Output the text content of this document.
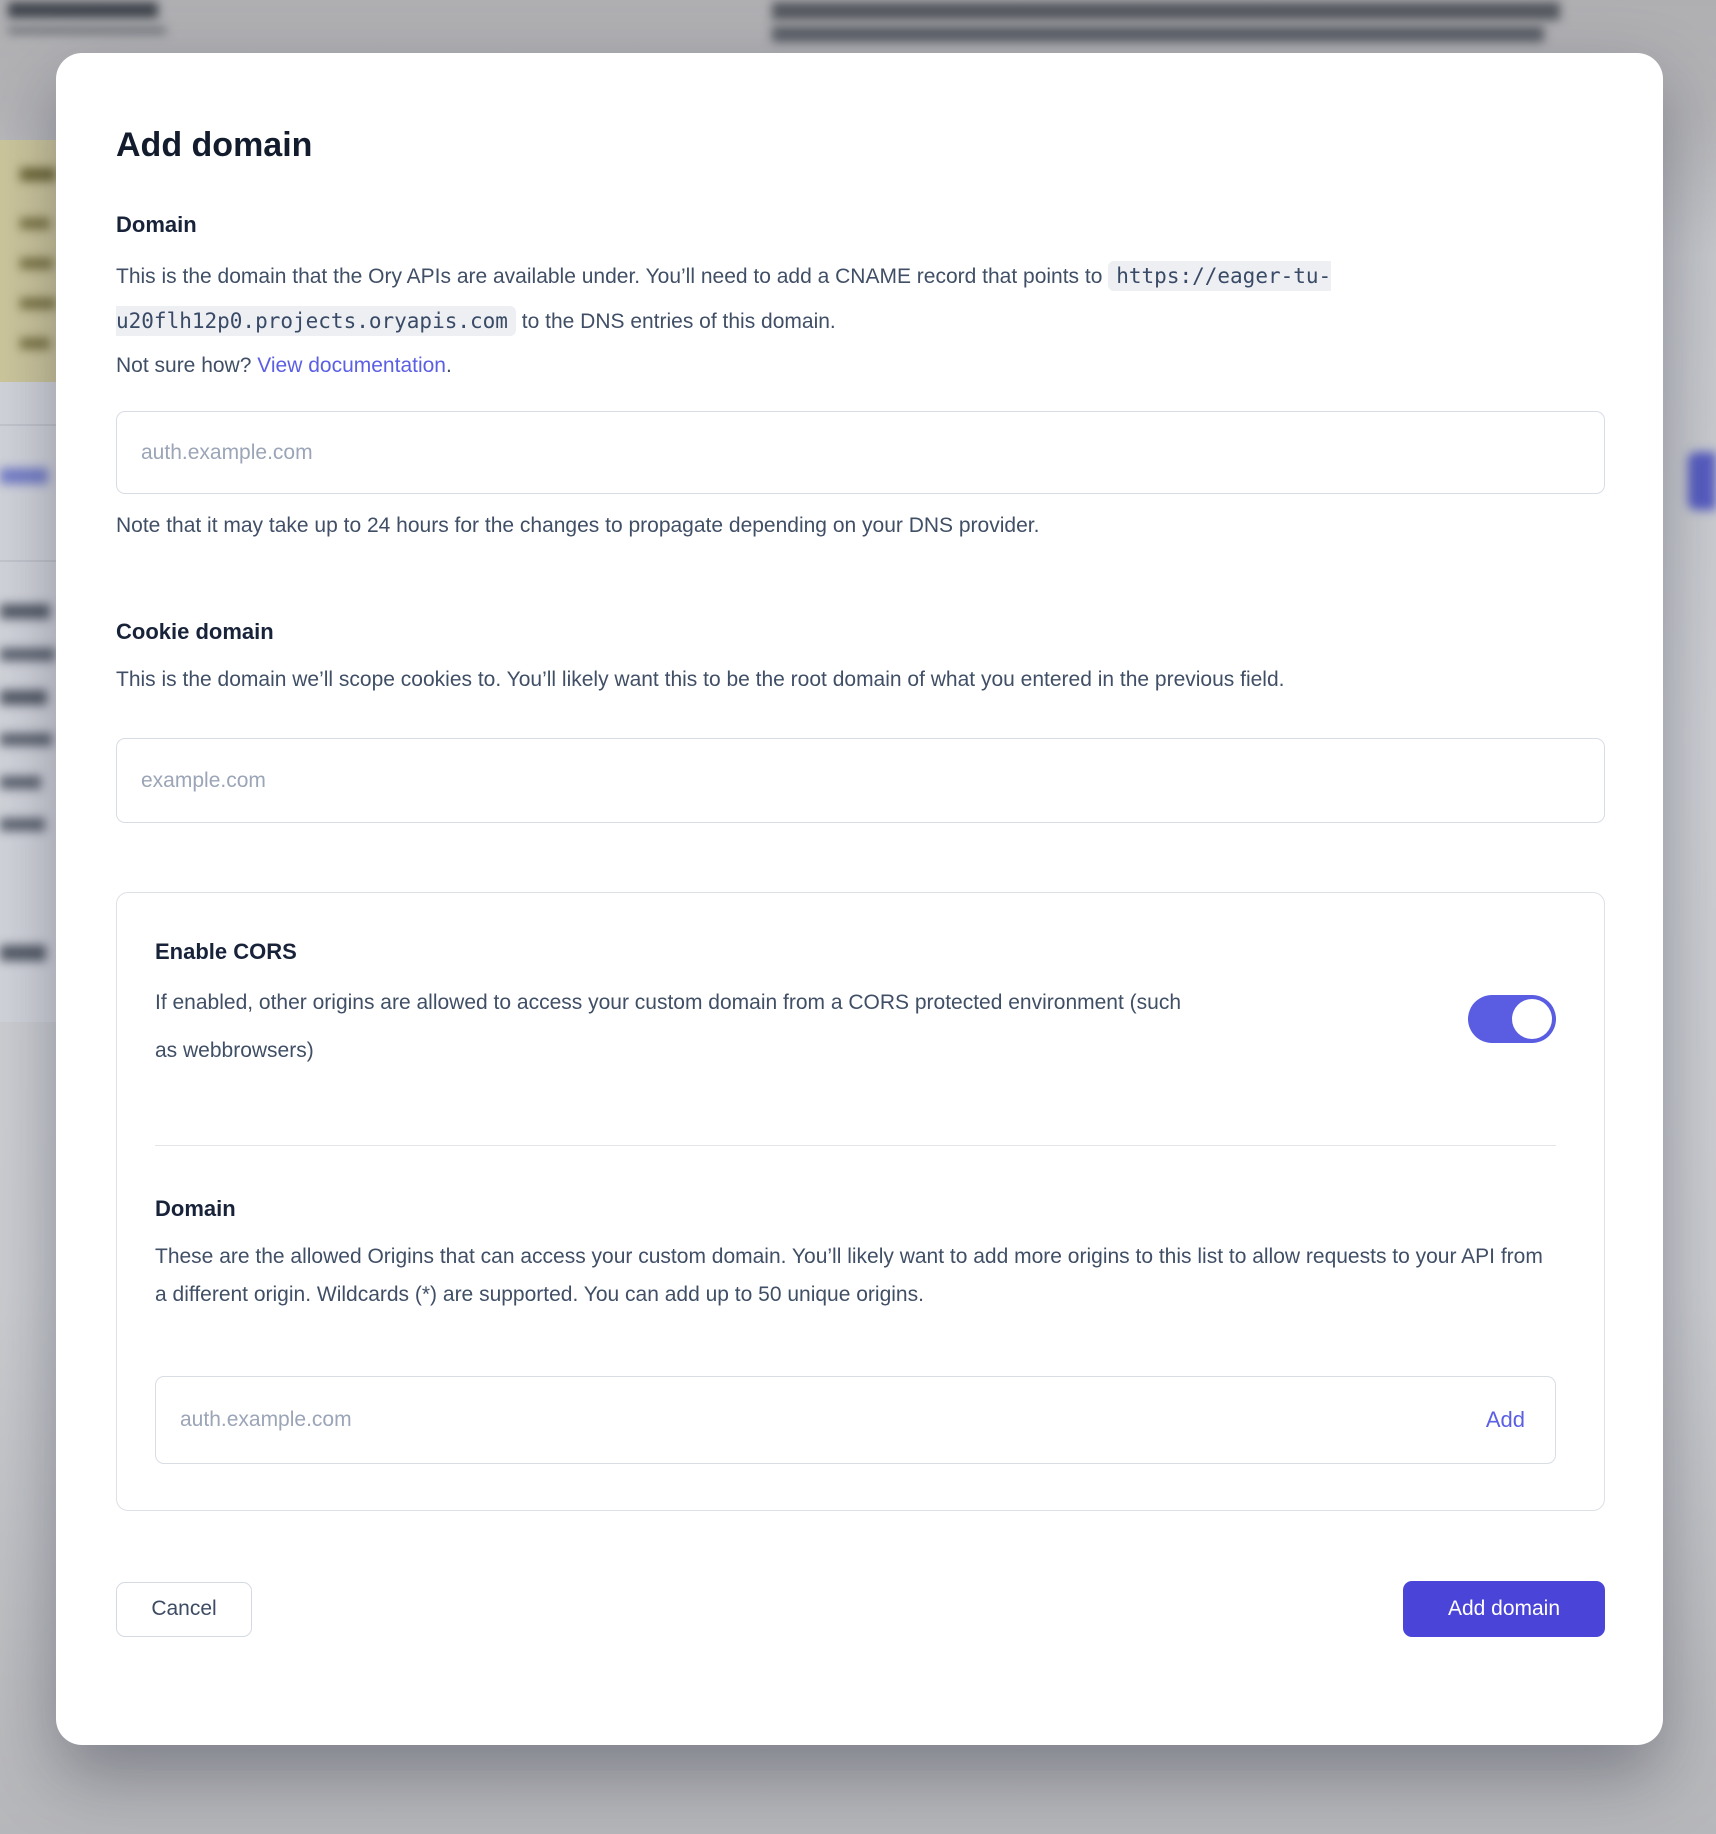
Add domain
Domain

This is the domain that the Ory APIs are available under. You’ll need to add a CNAME record that points to https://eager-tu-u20flh12p0.projects.oryapis.com to the DNS entries of this domain.
Not sure how? View documentation.

auth.example.com

Note that it may take up to 24 hours for the changes to propagate depending on your DNS provider.

Cookie domain

This is the domain we’ll scope cookies to. You’ll likely want this to be the root domain of what you entered in the previous field.

example.com
Enable CORS

If enabled, other origins are allowed to access your custom domain from a CORS protected environment (such as webbrowsers)

Domain

These are the allowed Origins that can access your custom domain. You’ll likely want to add more origins to this list to allow requests to your API from a different origin. Wildcards (*) are supported. You can add up to 50 unique origins.

auth.example.com
Add
Cancel	Add domain
